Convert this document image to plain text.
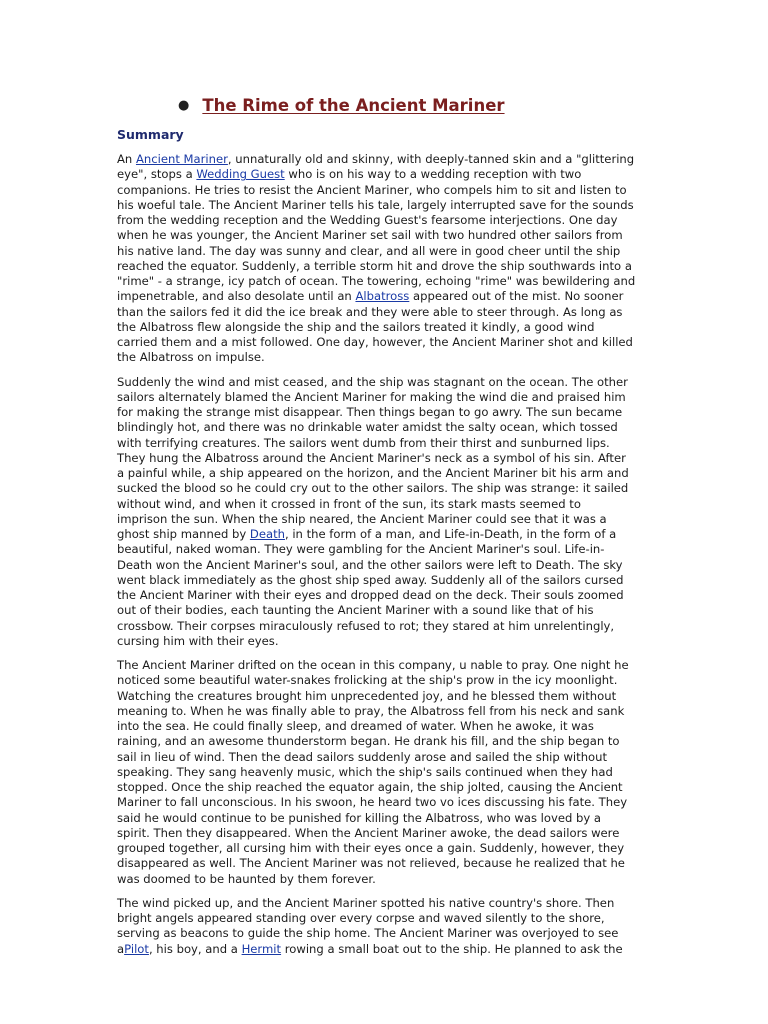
● The Rime of the Ancient Mariner
Summary

An Ancient Mariner, unnaturally old and skinny, with deeply-tanned skin and a "glittering
eye", stops a Wedding Guest who is on his way to a wedding reception with two
companions. He tries to resist the Ancient Mariner, who compels him to sit and listen to
his woeful tale. The Ancient Mariner tells his tale, largely interrupted save for the sounds
from the wedding reception and the Wedding Guest's fearsome interjections. One day
when he was younger, the Ancient Mariner set sail with two hundred other sailors from
his native land. The day was sunny and clear, and all were in good cheer until the ship
reached the equator. Suddenly, a terrible storm hit and drove the ship southwards into a
"rime" - a strange, icy patch of ocean. The towering, echoing "rime" was bewildering and
impenetrable, and also desolate until an Albatross appeared out of the mist. No sooner
than the sailors fed it did the ice break and they were able to steer through. As long as
the Albatross flew alongside the ship and the sailors treated it kindly, a good wind
carried them and a mist followed. One day, however, the Ancient Mariner shot and killed
the Albatross on impulse.

Suddenly the wind and mist ceased, and the ship was stagnant on the ocean. The other
sailors alternately blamed the Ancient Mariner for making the wind die and praised him
for making the strange mist disappear. Then things began to go awry. The sun became
blindingly hot, and there was no drinkable water amidst the salty ocean, which tossed
with terrifying creatures. The sailors went dumb from their thirst and sunburned lips.
They hung the Albatross around the Ancient Mariner's neck as a symbol of his sin. After
a painful while, a ship appeared on the horizon, and the Ancient Mariner bit his arm and
sucked the blood so he could cry out to the other sailors. The ship was strange: it sailed
without wind, and when it crossed in front of the sun, its stark masts seemed to
imprison the sun. When the ship neared, the Ancient Mariner could see that it was a
ghost ship manned by Death, in the form of a man, and Life-in-Death, in the form of a
beautiful, naked woman. They were gambling for the Ancient Mariner's soul. Life-in-
Death won the Ancient Mariner's soul, and the other sailors were left to Death. The sky
went black immediately as the ghost ship sped away. Suddenly all of the sailors cursed
the Ancient Mariner with their eyes and dropped dead on the deck. Their souls zoomed
out of their bodies, each taunting the Ancient Mariner with a sound like that of his
crossbow. Their corpses miraculously refused to rot; they stared at him unrelentingly,
cursing him with their eyes.

The Ancient Mariner drifted on the ocean in this company, u nable to pray. One night he
noticed some beautiful water-snakes frolicking at the ship's prow in the icy moonlight.
Watching the creatures brought him unprecedented joy, and he blessed them without
meaning to. When he was finally able to pray, the Albatross fell from his neck and sank
into the sea. He could finally sleep, and dreamed of water. When he awoke, it was
raining, and an awesome thunderstorm began. He drank his fill, and the ship began to
sail in lieu of wind. Then the dead sailors suddenly arose and sailed the ship without
speaking. They sang heavenly music, which the ship's sails continued when they had
stopped. Once the ship reached the equator again, the ship jolted, causing the Ancient
Mariner to fall unconscious. In his swoon, he heard two vo ices discussing his fate. They
said he would continue to be punished for killing the Albatross, who was loved by a
spirit. Then they disappeared. When the Ancient Mariner awoke, the dead sailors were
grouped together, all cursing him with their eyes once a gain. Suddenly, however, they
disappeared as well. The Ancient Mariner was not relieved, because he realized that he
was doomed to be haunted by them forever.

The wind picked up, and the Ancient Mariner spotted his native country's shore. Then
bright angels appeared standing over every corpse and waved silently to the shore,
serving as beacons to guide the ship home. The Ancient Mariner was overjoyed to see
aPilot, his boy, and a Hermit rowing a small boat out to the ship. He planned to ask the
